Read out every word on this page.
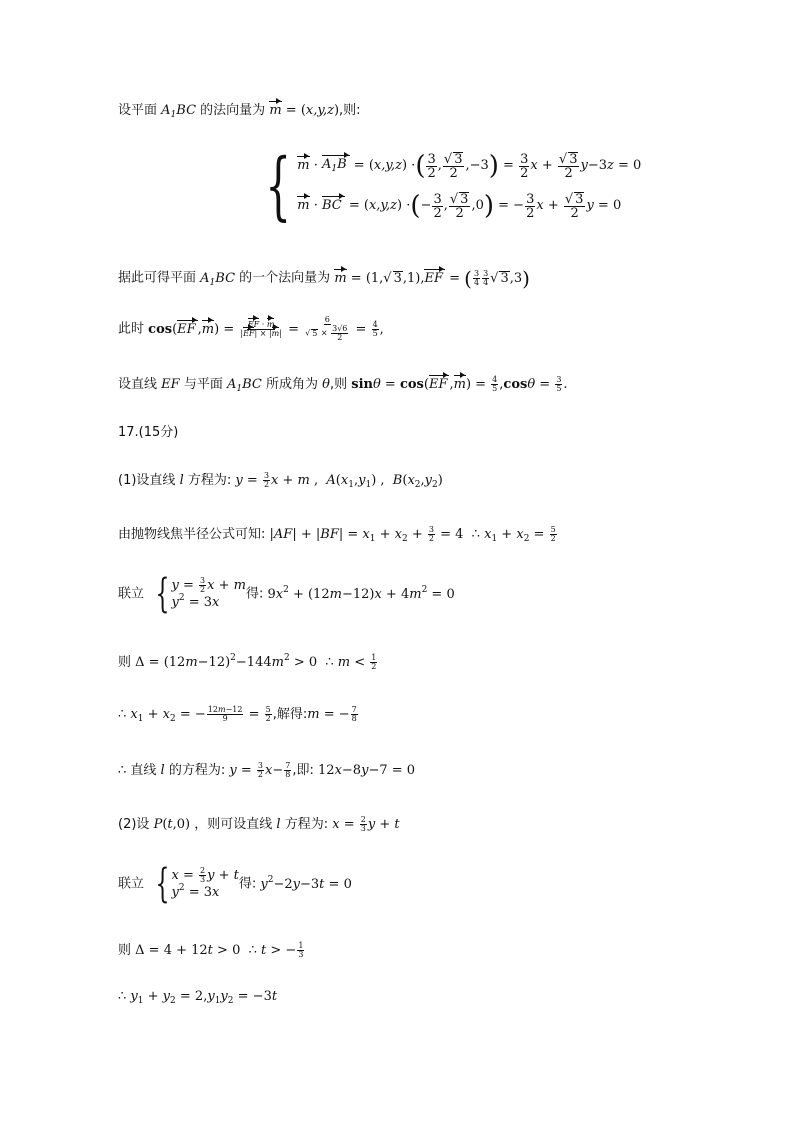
设平面 $A_1BC$ 的法向量为 m = (x,y,z),则:
{ $m \cdot A_1B$ = ( x,y,z ) · ( $\frac{3}{2}$ , $\frac{√ 3}{2} ,-3$ ) = $\frac{3}{2}$ $x + \frac{√ 3}{2}$ y −3 z = 0
m · BC = ( x,y,z ) · ( − $\frac{3}{2}$ , $\frac{√ 3}{2} ,0$ ) = − $\frac{3}{2}$ $x + \frac{√ 3}{2}$ y = 0
据此可得平面 $A_1BC$ 的一个法向量为 m = (1,√ 3,1),EF = ( $\frac{3}{4} \frac{3}{4}$ √ 3,3)
此时 cos(EF $,m) = \frac{EF \cdot m}{|EF| \times |m|} = \frac{6}{√ 5 \times \frac{3√6}{2}} = \frac{4}{5}$ ,
设直线 EF 与平面 $A_1BC$ 所成角为 θ,则 sinθ = cos(EF $,m) = \frac{4}{5} ,\cos\theta = \frac{3}{5}$ .
17.(15分)
(1)设直线 l 方程为: $y = \frac{3}{2}$ x + m ,  $A(x_1,y_1)$ ,  $B(x_2,y_2)$
由抛物线焦半径公式可知: $|AF| + |BF| = x_1 + x_2 + \frac{3}{2} = 4$  ∴ $x_1 + x_2 = \frac{5}{2}$
联立 { $y = \frac{3}{2}$ x + m
$y^2 = 3x$
得: $9x^2 + (12m-12)x + 4m^2 = 0$
则 $\Delta = (12m-12)^2-144m^2 > 0$  ∴ $m < \frac{1}{2}$
∴ $x_1 + x_2$ = − $\frac{12m-12}{9} = \frac{5}{2}$ ,解得:m = − $\frac{7}{8}$
∴ 直线 l 的方程为: $y = \frac{3}{2} x- \frac{7}{8}$ ,即: 12x−8y−7 = 0
(2)设 P(t,0) ，则可设直线 l 方程为: $x = \frac{2}{3}$ y + t
联立 { $x = \frac{2}{3}$ y + t
$y^2 = 3x$
得: $y^2-2y-3t = 0$
则 Δ = 4 + 12t > 0  ∴ t > − $\frac{1}{3}$
∴ $y_1 + y_2 = 2,y_1y_2 = -3t$
